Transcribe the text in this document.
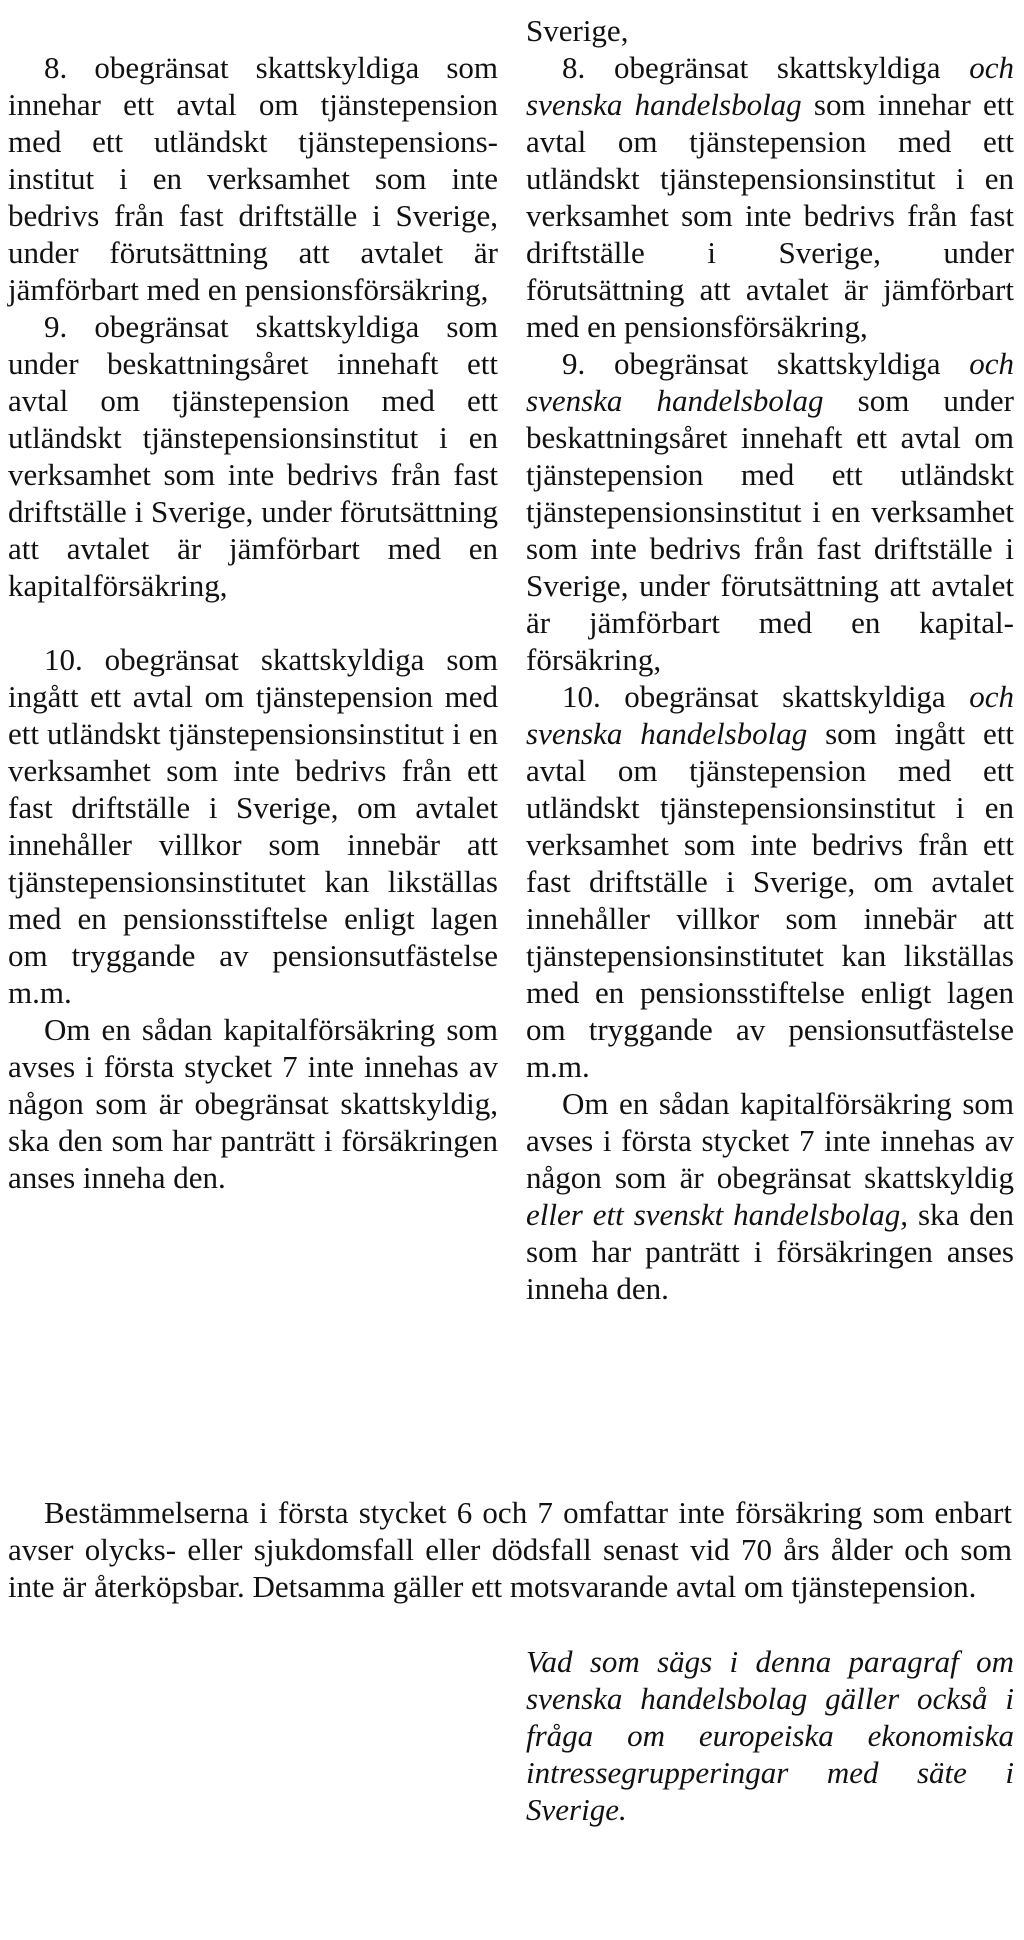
8. obegränsat skattskyldiga som innehar ett avtal om tjänstepension med ett utländskt tjänstepensionsinstitut i en verksamhet som inte bedrivs från fast driftställe i Sverige, under förutsättning att avtalet är jämförbart med en pensionsförsäkring,

9. obegränsat skattskyldiga som under beskattningsåret innehaft ett avtal om tjänstepension med ett utländskt tjänstepensionsinstitut i en verksamhet som inte bedrivs från fast driftställe i Sverige, under förutsättning att avtalet är jämförbart med en kapitalförsäkring,

10. obegränsat skattskyldiga som ingått ett avtal om tjänstepension med ett utländskt tjänstepensionsinstitut i en verksamhet som inte bedrivs från ett fast driftställe i Sverige, om avtalet innehåller villkor som innebär att tjänstepensionsinstitutet kan likställas med en pensionsstiftelse enligt lagen om tryggande av pensionsutfästelse m.m.

Om en sådan kapitalförsäkring som avses i första stycket 7 inte innehas av någon som är obegränsat skattskyldig, ska den som har panträtt i försäkringen anses inneha den.

Sverige,

8. obegränsat skattskyldiga och svenska handelsbolag som innehar ett avtal om tjänstepension med ett utländskt tjänstepensionsinstitut i en verksamhet som inte bedrivs från fast driftställe i Sverige, under förutsättning att avtalet är jämförbart med en pensionsförsäkring,

9. obegränsat skattskyldiga och svenska handelsbolag som under beskattningsåret innehaft ett avtal om tjänstepension med ett utländskt tjänstepensionsinstitut i en verksamhet som inte bedrivs från fast driftställe i Sverige, under förutsättning att avtalet är jämförbart med en kapitalförsäkring,

10. obegränsat skattskyldiga och svenska handelsbolag som ingått ett avtal om tjänstepension med ett utländskt tjänstepensionsinstitut i en verksamhet som inte bedrivs från ett fast driftställe i Sverige, om avtalet innehåller villkor som innebär att tjänstepensionsinstitutet kan likställas med en pensionsstiftelse enligt lagen om tryggande av pensionsutfästelse m.m.

Om en sådan kapitalförsäkring som avses i första stycket 7 inte innehas av någon som är obegränsat skattskyldig eller ett svenskt handelsbolag, ska den som har panträtt i försäkringen anses inneha den.

Bestämmelserna i första stycket 6 och 7 omfattar inte försäkring som enbart avser olycks- eller sjukdomsfall eller dödsfall senast vid 70 års ålder och som inte är återköpsbar. Detsamma gäller ett motsvarande avtal om tjänstepension.

Vad som sägs i denna paragraf om svenska handelsbolag gäller också i fråga om europeiska ekonomiska intressegrupperingar med säte i Sverige.
